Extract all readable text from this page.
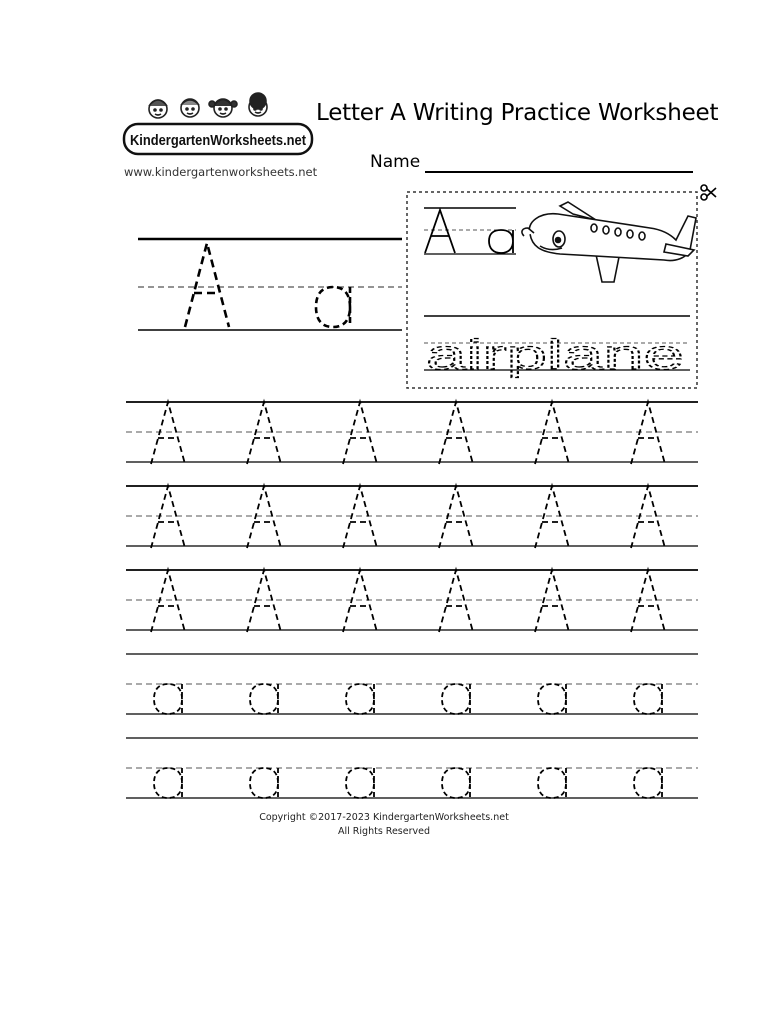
KindergartenWorksheets.net
www.kindergartenworksheets.net
Letter A Writing Practice Worksheet
Name
airplane
Copyright ©2017-2023 KindergartenWorksheets.net
All Rights Reserved
